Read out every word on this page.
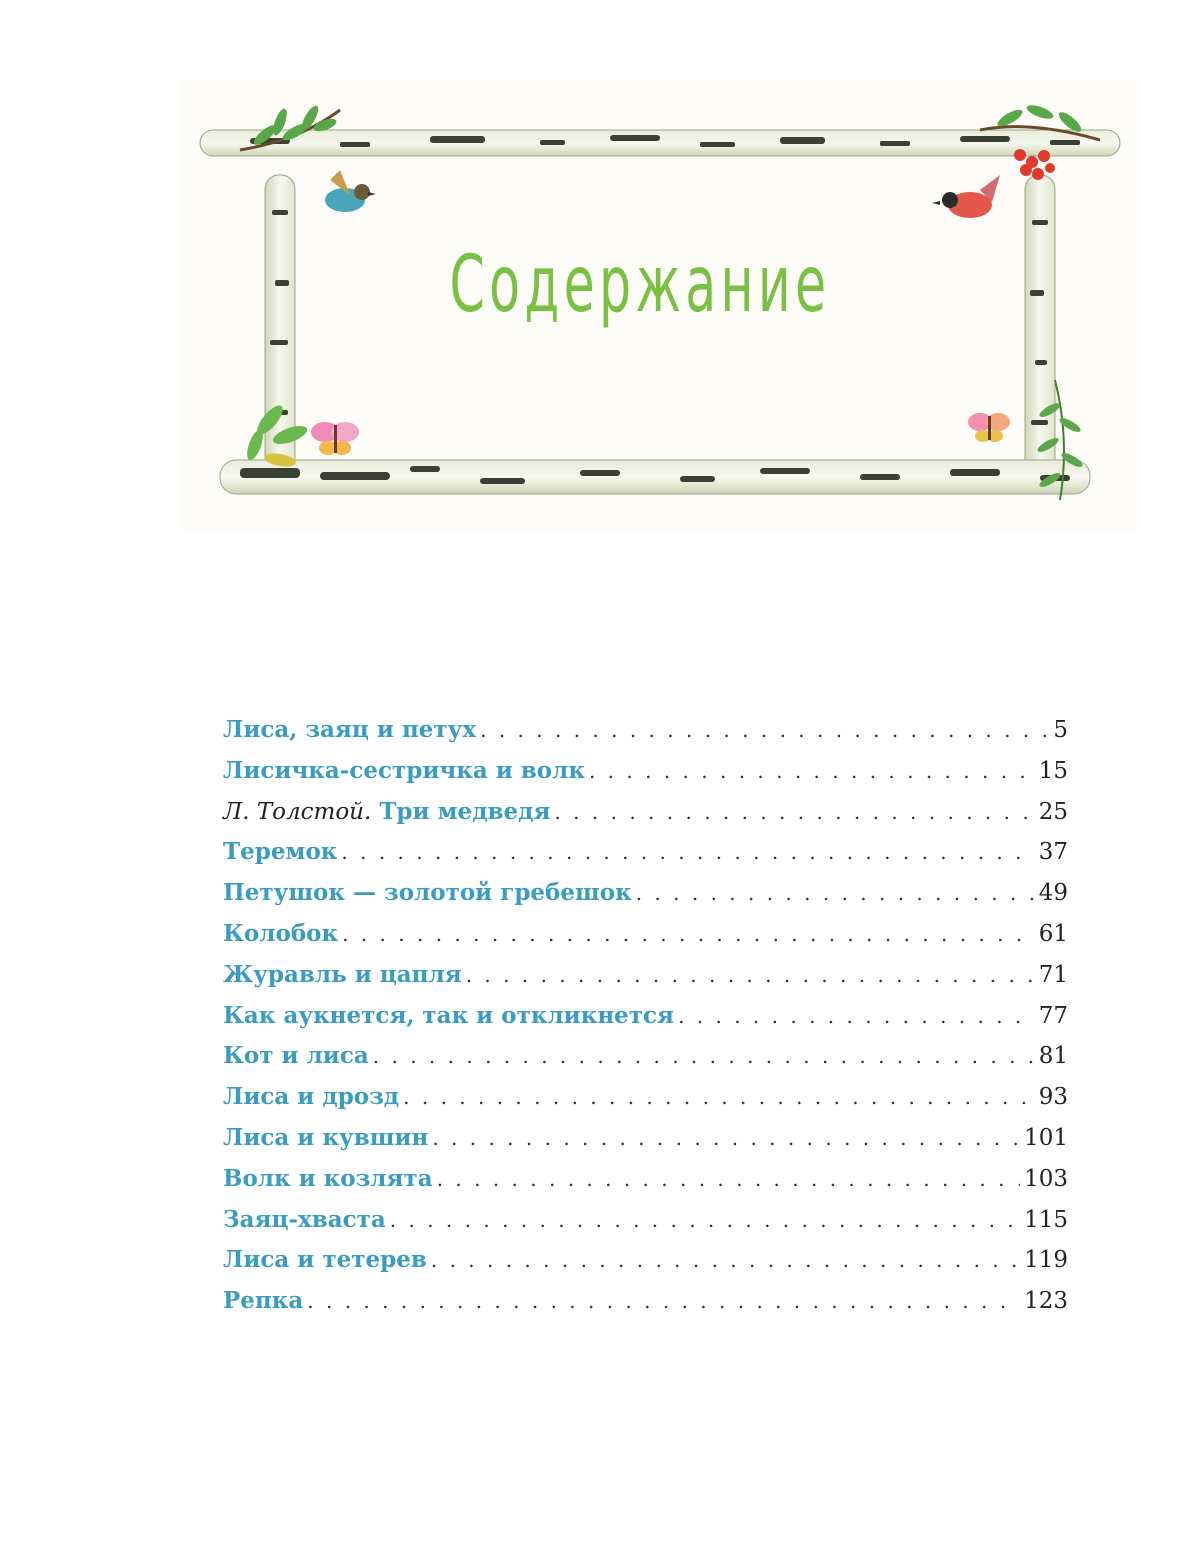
Содержание
Лиса, заяц и петух . . .	5
Лисичка-сестричка и волк . . .	15
Л. Толстой. Три медведя . . .	25
Теремок . . .	37
Петушок — золотой гребешок . . .	49
Колобок . . .	61
Журавль и цапля . . .	71
Как аукнется, так и откликнется . . .	77
Кот и лиса . . .	81
Лиса и дрозд . . .	93
Лиса и кувшин . . .	101
Волк и козлята . . .	103
Заяц-хваста . . .	115
Лиса и тетерев . . .	119
Репка . . .	123
